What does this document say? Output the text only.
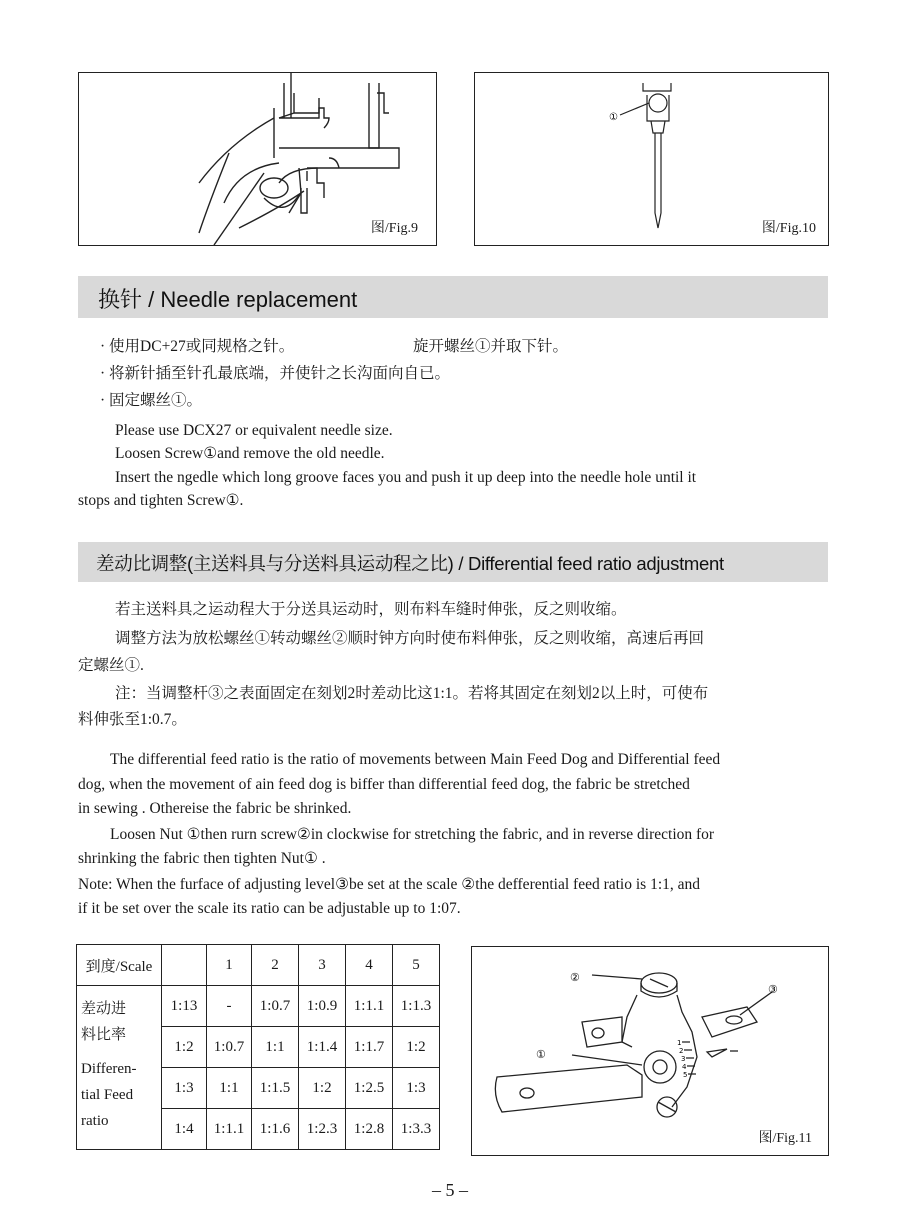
图/Fig.9
①
图/Fig.10
换针 / Needle replacement

· 使用DC+27或同规格之针。	旋开螺丝①并取下针。

· 将新针插至针孔最底端，并使针之长沟面向自已。

· 固定螺丝①。

Please use DCX27 or equivalent needle size.

Loosen Screw①and remove the old needle.

Insert the ngedle which long groove faces you and push it up deep into the needle hole until it

stops and tighten Screw①.

差动比调整(主送料具与分送料具运动程之比) / Differential feed ratio adjustment

若主送料具之运动程大于分送具运动时，则布料车缝时伸张，反之则收缩。

调整方法为放松螺丝①转动螺丝②顺时钟方向时使布料伸张，反之则收缩，高速后再回

定螺丝①.

注：当调整杆③之表面固定在刻划2时差动比这1:1。若将其固定在刻划2以上时，可使布

料伸张至1:0.7。

The differential feed ratio is the ratio of movements between Main Feed Dog and Differential feed

dog, when the movement of ain feed dog is biffer than differential feed dog, the fabric be stretched

in sewing . Othereise the fabric be shrinked.

Loosen Nut ①then rurn screw②in clockwise for stretching the fabric, and in reverse direction for

shrinking the fabric then tighten Nut① .

Note: When the furface of adjusting level③be set at the scale ②the defferential feed ratio is 1:1, and

if it be set over the scale its ratio can be adjustable up to 1:07.

到度/Scale		1	2	3	4	5

差动进
料比率
Differen-
tial Feed
ratio	1:13	-	1:0.7	1:0.9	1:1.1	1:1.3
	1:2	1:0.7	1:1	1:1.4	1:1.7	1:2
	1:3	1:1	1:1.5	1:2	1:2.5	1:3
	1:4	1:1.1	1:1.6	1:2.3	1:2.8	1:3.3
②
③
①
1
2
3
4
5
图/Fig.11
– 5 –
